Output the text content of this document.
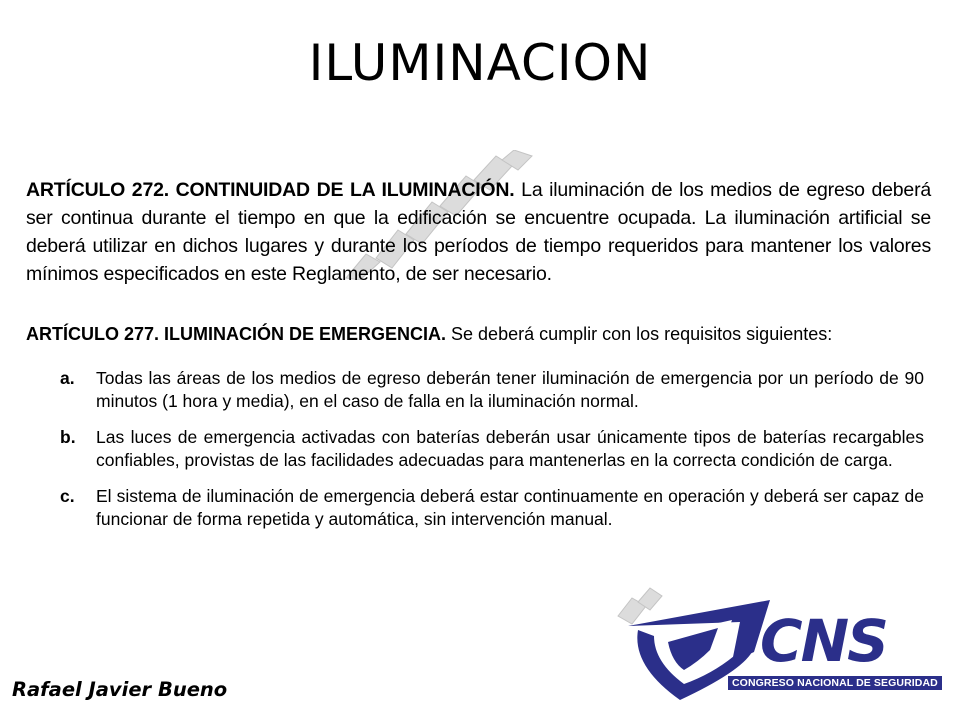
ILUMINACION
ARTÍCULO 272. CONTINUIDAD DE LA ILUMINACIÓN. La iluminación de los medios de egreso deberá ser continua durante el tiempo en que la edificación se encuentre ocupada. La iluminación artificial se deberá utilizar en dichos lugares y durante los períodos de tiempo requeridos para mantener los valores mínimos especificados en este Reglamento, de ser necesario.
ARTÍCULO 277. ILUMINACIÓN DE EMERGENCIA. Se deberá cumplir con los requisitos siguientes:
a. Todas las áreas de los medios de egreso deberán tener iluminación de emergencia por un período de 90 minutos (1 hora y media), en el caso de falla en la iluminación normal.
b. Las luces de emergencia activadas con baterías deberán usar únicamente tipos de baterías recargables confiables, provistas de las facilidades adecuadas para mantenerlas en la correcta condición de carga.
c. El sistema de iluminación de emergencia deberá estar continuamente en operación y deberá ser capaz de funcionar de forma repetida y automática, sin intervención manual.
Rafael Javier Bueno
CNS
CONGRESO NACIONAL DE SEGURIDAD
